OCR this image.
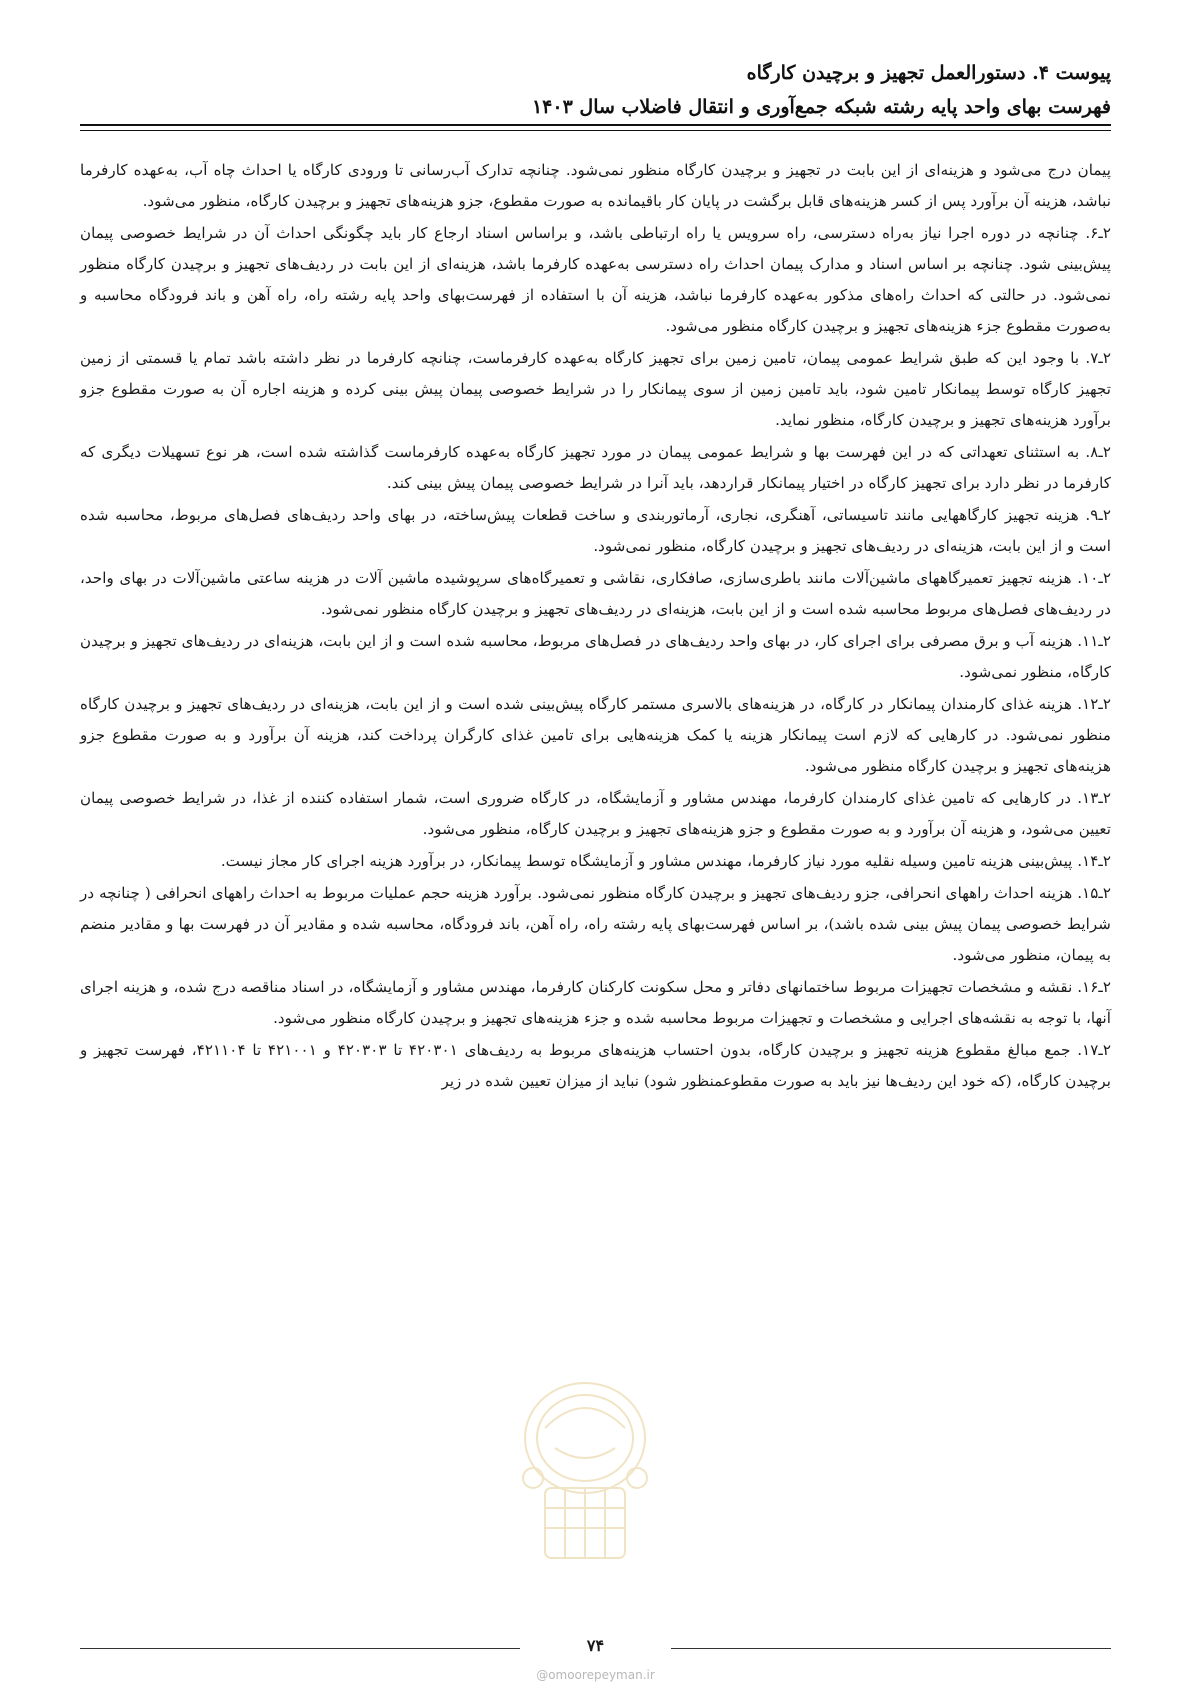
پیوست ۴. دستورالعمل تجهیز و برچیدن کارگاه

فهرست بهای واحد پایه رشته شبکه جمع‌آوری و انتقال فاضلاب سال ۱۴۰۳

پیمان درج می‌شود و هزینه‌ای از این بابت در تجهیز و برچیدن کارگاه منظور نمی‌شود. چنانچه تدارک آب‌رسانی تا ورودی کارگاه یا احداث چاه آب، به‌عهده کارفرما نباشد، هزینه آن برآورد پس از کسر هزینه‌های قابل برگشت در پایان کار باقیمانده به صورت مقطوع، جزو هزینه‌های تجهیز و برچیدن کارگاه، منظور می‌شود.

۲ـ۶. چنانچه در دوره اجرا نیاز به‌راه دسترسی، راه سرویس یا راه ارتباطی باشد، و براساس اسناد ارجاع کار باید چگونگی احداث آن در شرایط خصوصی پیمان پیش‌بینی شود. چنانچه بر اساس اسناد و مدارک پیمان احداث راه دسترسی به‌عهده کارفرما باشد، هزینه‌ای از این بابت در ردیف‌های تجهیز و برچیدن کارگاه منظور نمی‌شود. در حالتی که احداث راه‌های مذکور به‌عهده کارفرما نباشد، هزینه آن با استفاده از فهرست‌بهای واحد پایه رشته راه، راه آهن و باند فرودگاه محاسبه و به‌صورت مقطوع جزء هزینه‌های تجهیز و برچیدن کارگاه منظور می‌شود.

۲ـ۷. با وجود این که طبق شرایط عمومی پیمان، تامین زمین برای تجهیز کارگاه به‌عهده کارفرماست، چنانچه کارفرما در نظر داشته باشد تمام یا قسمتی از زمین تجهیز کارگاه توسط پیمانکار تامین شود، باید تامین زمین از سوی پیمانکار را در شرایط خصوصی پیمان پیش بینی کرده و هزینه اجاره آن به صورت مقطوع جزو برآورد هزینه‌های تجهیز و برچیدن کارگاه، منظور نماید.

۲ـ۸. به استثنای تعهداتی که در این فهرست بها و شرایط عمومی پیمان در مورد تجهیز کارگاه به‌عهده کارفرماست گذاشته شده است، هر نوع تسهیلات دیگری که کارفرما در نظر دارد برای تجهیز کارگاه در اختیار پیمانکار قراردهد، باید آنرا در شرایط خصوصی پیمان پیش بینی کند.

۲ـ۹. هزینه تجهیز کارگاههایی مانند تاسیساتی، آهنگری، نجاری، آرماتوربندی و ساخت قطعات پیش‌ساخته، در بهای واحد ردیف‌های فصل‌های مربوط، محاسبه شده است و از این بابت، هزینه‌ای در ردیف‌های تجهیز و برچیدن کارگاه، منظور نمی‌شود.

۲ـ۱۰. هزینه تجهیز تعمیرگاههای ماشین‌آلات مانند باطری‌سازی، صافکاری، نقاشی و تعمیرگاه‌های سرپوشیده ماشین آلات در هزینه ساعتی ماشین‌آلات در بهای واحد، در ردیف‌های فصل‌های مربوط محاسبه شده است و از این بابت، هزینه‌ای در ردیف‌های تجهیز و برچیدن کارگاه منظور نمی‌شود.

۲ـ۱۱. هزینه آب و برق مصرفی برای اجرای کار، در بهای واحد ردیف‌های در فصل‌های مربوط، محاسبه شده است و از این بابت، هزینه‌ای در ردیف‌های تجهیز و برچیدن کارگاه، منظور نمی‌شود.

۲ـ۱۲. هزینه غذای کارمندان پیمانکار در کارگاه، در هزینه‌های بالاسری مستمر کارگاه پیش‌بینی شده است و از این بابت، هزینه‌ای در ردیف‌های تجهیز و برچیدن کارگاه منظور نمی‌شود. در کارهایی که لازم است پیمانکار هزینه یا کمک هزینه‌هایی برای تامین غذای کارگران پرداخت کند، هزینه آن برآورد و به صورت مقطوع جزو هزینه‌های تجهیز و برچیدن کارگاه منظور می‌شود.

۲ـ۱۳. در کارهایی که تامین غذای کارمندان کارفرما، مهندس مشاور و آزمایشگاه، در کارگاه ضروری است، شمار استفاده کننده از غذا، در شرایط خصوصی پیمان تعیین می‌شود، و هزینه آن برآورد و به صورت مقطوع و جزو هزینه‌های تجهیز و برچیدن کارگاه، منظور می‌شود.

۲ـ۱۴. پیش‌بینی هزینه تامین وسیله نقلیه مورد نیاز کارفرما، مهندس مشاور و آزمایشگاه توسط پیمانکار، در برآورد هزینه اجرای کار مجاز نیست.

۲ـ۱۵. هزینه احداث راههای انحرافی، جزو ردیف‌های تجهیز و برچیدن کارگاه منظور نمی‌شود. برآورد هزینه حجم عملیات مربوط به احداث راههای انحرافی ( چنانچه در شرایط خصوصی پیمان پیش بینی شده باشد)، بر اساس فهرست‌بهای پایه رشته راه، راه آهن، باند فرودگاه، محاسبه شده و مقادیر آن در فهرست بها و مقادیر منضم به پیمان، منظور می‌شود.

۲ـ۱۶. نقشه و مشخصات تجهیزات مربوط ساختمانهای دفاتر و محل سکونت کارکنان کارفرما، مهندس مشاور و آزمایشگاه، در اسناد مناقصه درج شده، و هزینه اجرای آنها، با توجه به نقشه‌های اجرایی و مشخصات و تجهیزات مربوط محاسبه شده و جزء هزینه‌های تجهیز و برچیدن کارگاه منظور می‌شود.

۲ـ۱۷. جمع مبالغ مقطوع هزینه تجهیز و برچیدن کارگاه، بدون احتساب هزینه‌های مربوط به ردیف‌های ۴۲۰۳۰۱ تا ۴۲۰۳۰۳ و ۴۲۱۰۰۱ تا ۴۲۱۱۰۴، فهرست تجهیز و برچیدن کارگاه، (که خود این ردیف‌ها نیز باید به صورت مقطوعمنظور شود) نباید از میزان تعیین شده در زیر

۷۴
@omoorepeyman.ir
